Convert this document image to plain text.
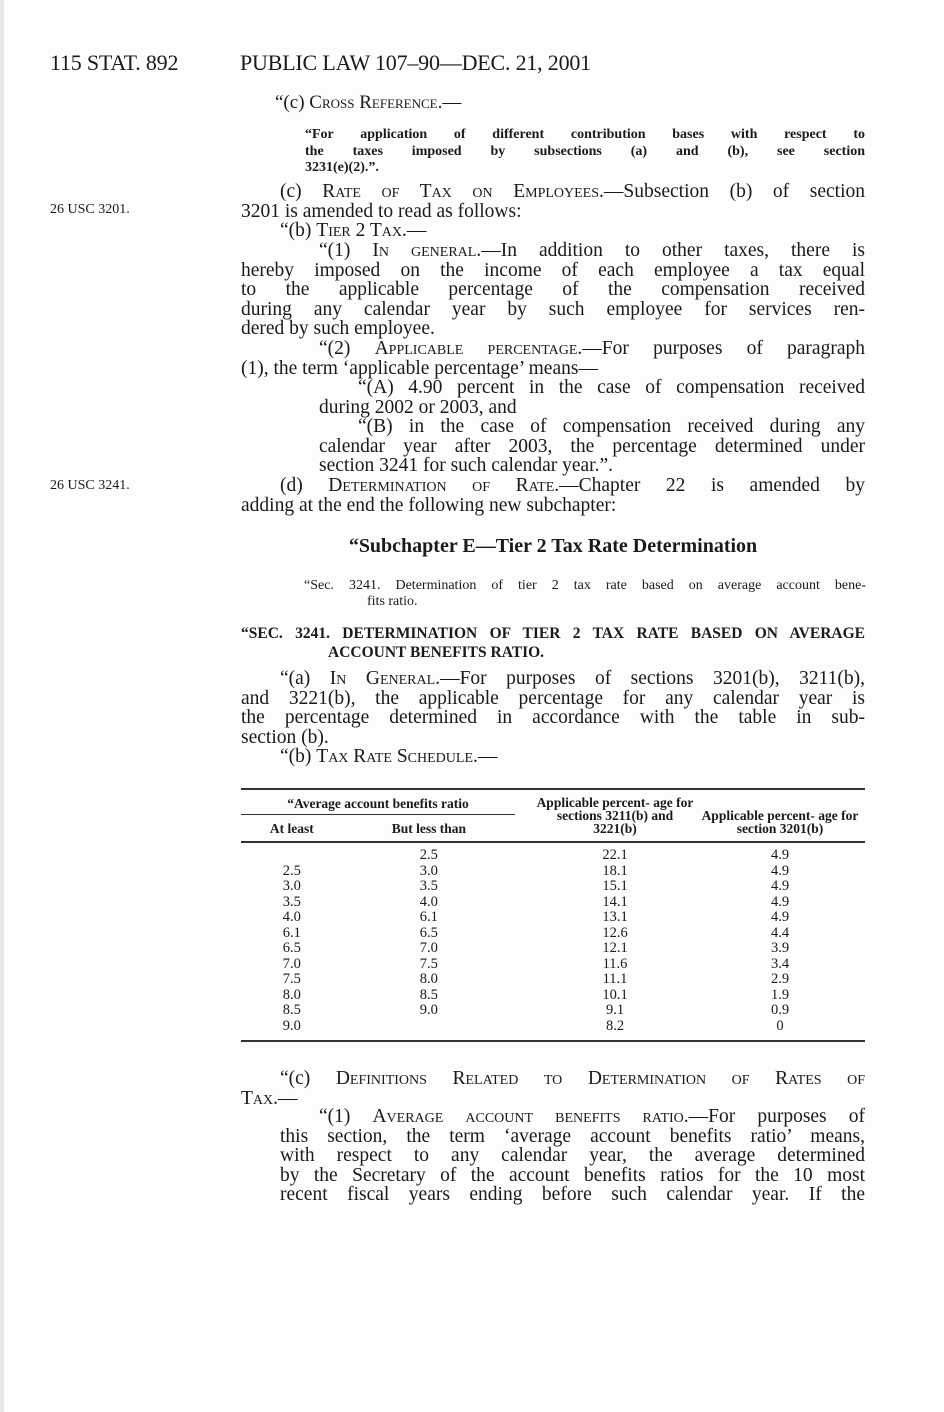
115 STAT. 892	PUBLIC LAW 107–90—DEC. 21, 2001
“(c) Cross Reference.—
“For application of different contribution bases with respect to
the taxes imposed by subsections (a) and (b), see section
3231(e)(2).”.
26 USC 3201.
26 USC 3241.
(c) Rate of Tax on Employees.—Subsection (b) of section
3201 is amended to read as follows:
“(b) Tier 2 Tax.—
“(1) In general.—In addition to other taxes, there is
hereby imposed on the income of each employee a tax equal
to the applicable percentage of the compensation received
during any calendar year by such employee for services ren-
dered by such employee.
“(2) Applicable percentage.—For purposes of paragraph
(1), the term ‘applicable percentage’ means—
“(A) 4.90 percent in the case of compensation received
during 2002 or 2003, and
“(B) in the case of compensation received during any
calendar year after 2003, the percentage determined under
section 3241 for such calendar year.”.
(d) Determination of Rate.—Chapter 22 is amended by
adding at the end the following new subchapter:
“Subchapter E—Tier 2 Tax Rate Determination
“Sec. 3241. Determination of tier 2 tax rate based on average account bene-
fits ratio.
“SEC. 3241. DETERMINATION OF TIER 2 TAX RATE BASED ON AVERAGE
ACCOUNT BENEFITS RATIO.
“(a) In General.—For purposes of sections 3201(b), 3211(b),
and 3221(b), the applicable percentage for any calendar year is
the percentage determined in accordance with the table in sub-
section (b).
“(b) Tax Rate Schedule.—
“Average account benefits ratio			Applicable percent- age for sections 3211(b) and 3221(b)	Applicable percent- age for section 3201(b)
At least	But less than			

	2.5		22.1	4.9
2.5	3.0		18.1	4.9
3.0	3.5		15.1	4.9
3.5	4.0		14.1	4.9
4.0	6.1		13.1	4.9
6.1	6.5		12.6	4.4
6.5	7.0		12.1	3.9
7.0	7.5		11.6	3.4
7.5	8.0		11.1	2.9
8.0	8.5		10.1	1.9
8.5	9.0		9.1	0.9
9.0			8.2	0

“(c) Definitions Related to Determination of Rates of
Tax.—
“(1) Average account benefits ratio.—For purposes of
this section, the term ‘average account benefits ratio’ means,
with respect to any calendar year, the average determined
by the Secretary of the account benefits ratios for the 10 most
recent fiscal years ending before such calendar year. If the
